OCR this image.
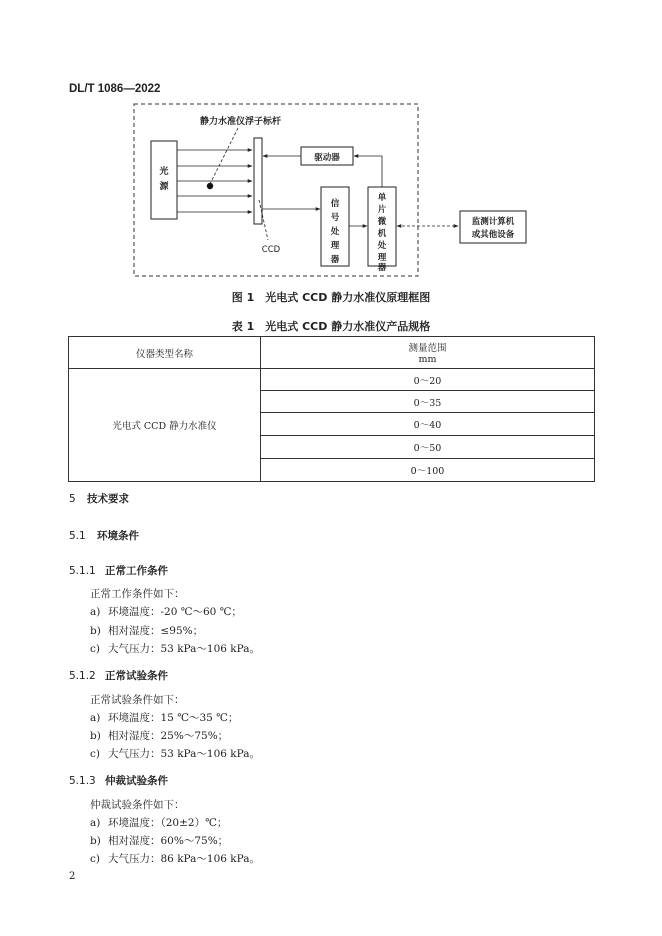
DL/T 1086—2022
静力水准仪浮子标杆
光
源
CCD
驱动器
信
号
处
理
器
单
片
微
机
处
理
器
监测计算机
或其他设备
图 1　光电式 CCD 静力水准仪原理框图
表 1　光电式 CCD 静力水准仪产品规格
仪器类型名称	测量范围
mm

光电式 CCD 静力水准仪	0～20
	0～35
	0～40
	0～50
	0～100
5 技术要求
5.1 环境条件
5.1.1 正常工作条件
正常工作条件如下：
a) 环境温度：-20 ℃～60 ℃；
b) 相对湿度：≤95%；
c) 大气压力：53 kPa～106 kPa。
5.1.2 正常试验条件
正常试验条件如下：
a) 环境温度：15 ℃～35 ℃；
b) 相对湿度：25%～75%；
c) 大气压力：53 kPa～106 kPa。
5.1.3 仲裁试验条件
仲裁试验条件如下：
a) 环境温度：（20±2）℃；
b) 相对湿度：60%～75%；
c) 大气压力：86 kPa～106 kPa。
2
